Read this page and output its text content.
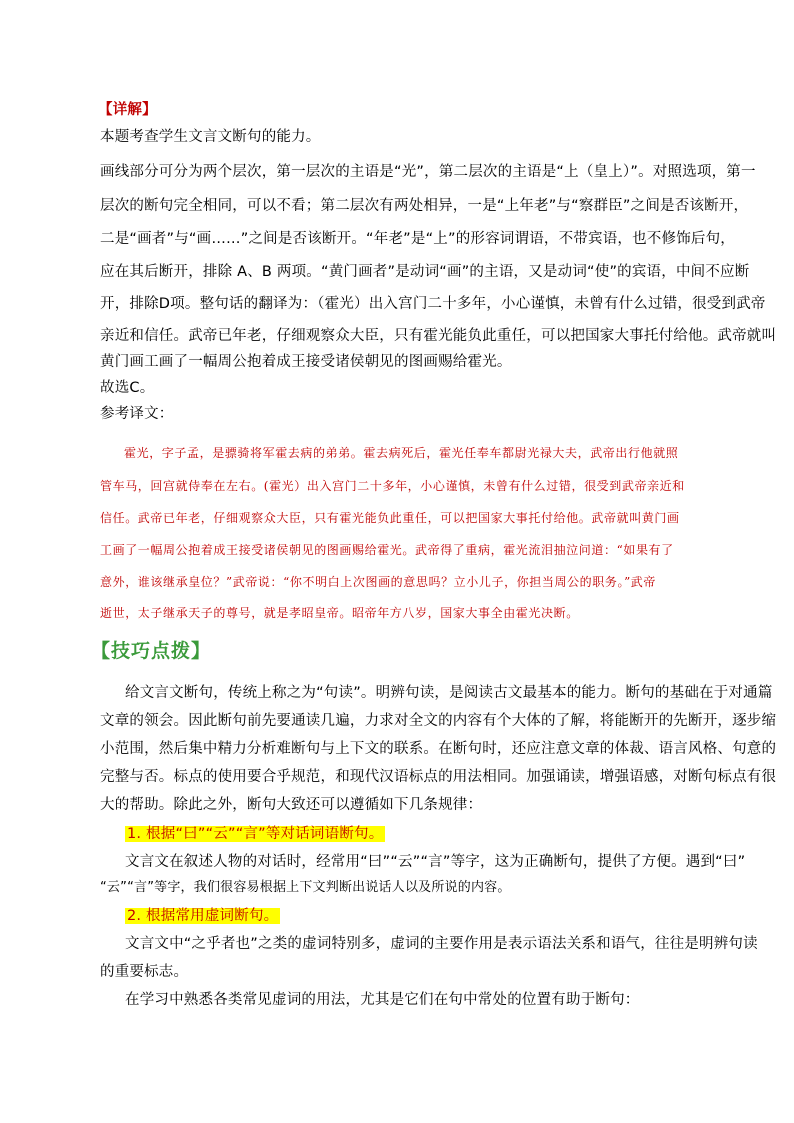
【详解】
本题考查学生文言文断句的能力。
画线部分可分为两个层次，第一层次的主语是“光”，第二层次的主语是“上（皇上）”。对照选项，第一
层次的断句完全相同，可以不看；第二层次有两处相异，一是“上年老”与“察群臣”之间是否该断开，
二是“画者”与“画……”之间是否该断开。“年老”是“上”的形容词谓语，不带宾语，也不修饰后句，
应在其后断开，排除 A、B 两项。“黄门画者”是动词“画”的主语，又是动词“使”的宾语，中间不应断
开，排除D项。整句话的翻译为：（霍光）出入宫门二十多年，小心谨慎，未曾有什么过错，很受到武帝
亲近和信任。武帝已年老，仔细观察众大臣，只有霍光能负此重任，可以把国家大事托付给他。武帝就叫
黄门画工画了一幅周公抱着成王接受诸侯朝见的图画赐给霍光。
故选C。
参考译文：
霍光，字子孟，是骠骑将军霍去病的弟弟。霍去病死后，霍光任奉车都尉光禄大夫，武帝出行他就照
管车马，回宫就侍奉在左右。(霍光）出入宫门二十多年，小心谨慎，未曾有什么过错，很受到武帝亲近和
信任。武帝已年老，仔细观察众大臣，只有霍光能负此重任，可以把国家大事托付给他。武帝就叫黄门画
工画了一幅周公抱着成王接受诸侯朝见的图画赐给霍光。武帝得了重病，霍光流泪抽泣问道：“如果有了
意外，谁该继承皇位？”武帝说：“你不明白上次图画的意思吗？立小儿子，你担当周公的职务。”武帝
逝世，太子继承天子的尊号，就是孝昭皇帝。昭帝年方八岁，国家大事全由霍光决断。
【技巧点拨】
给文言文断句，传统上称之为“句读”。明辨句读，是阅读古文最基本的能力。断句的基础在于对通篇
文章的领会。因此断句前先要通读几遍，力求对全文的内容有个大体的了解，将能断开的先断开，逐步缩
小范围，然后集中精力分析难断句与上下文的联系。在断句时，还应注意文章的体裁、语言风格、句意的
完整与否。标点的使用要合乎规范，和现代汉语标点的用法相同。加强诵读，增强语感，对断句标点有很
大的帮助。除此之外，断句大致还可以遵循如下几条规律：
1. 根据“曰”“云”“言”等对话词语断句。
文言文在叙述人物的对话时，经常用“曰”“云”“言”等字，这为正确断句，提供了方便。遇到“曰”
“云”“言”等字，我们很容易根据上下文判断出说话人以及所说的内容。
2. 根据常用虚词断句。
文言文中“之乎者也”之类的虚词特别多，虚词的主要作用是表示语法关系和语气，往往是明辨句读
的重要标志。
在学习中熟悉各类常见虚词的用法，尤其是它们在句中常处的位置有助于断句：
